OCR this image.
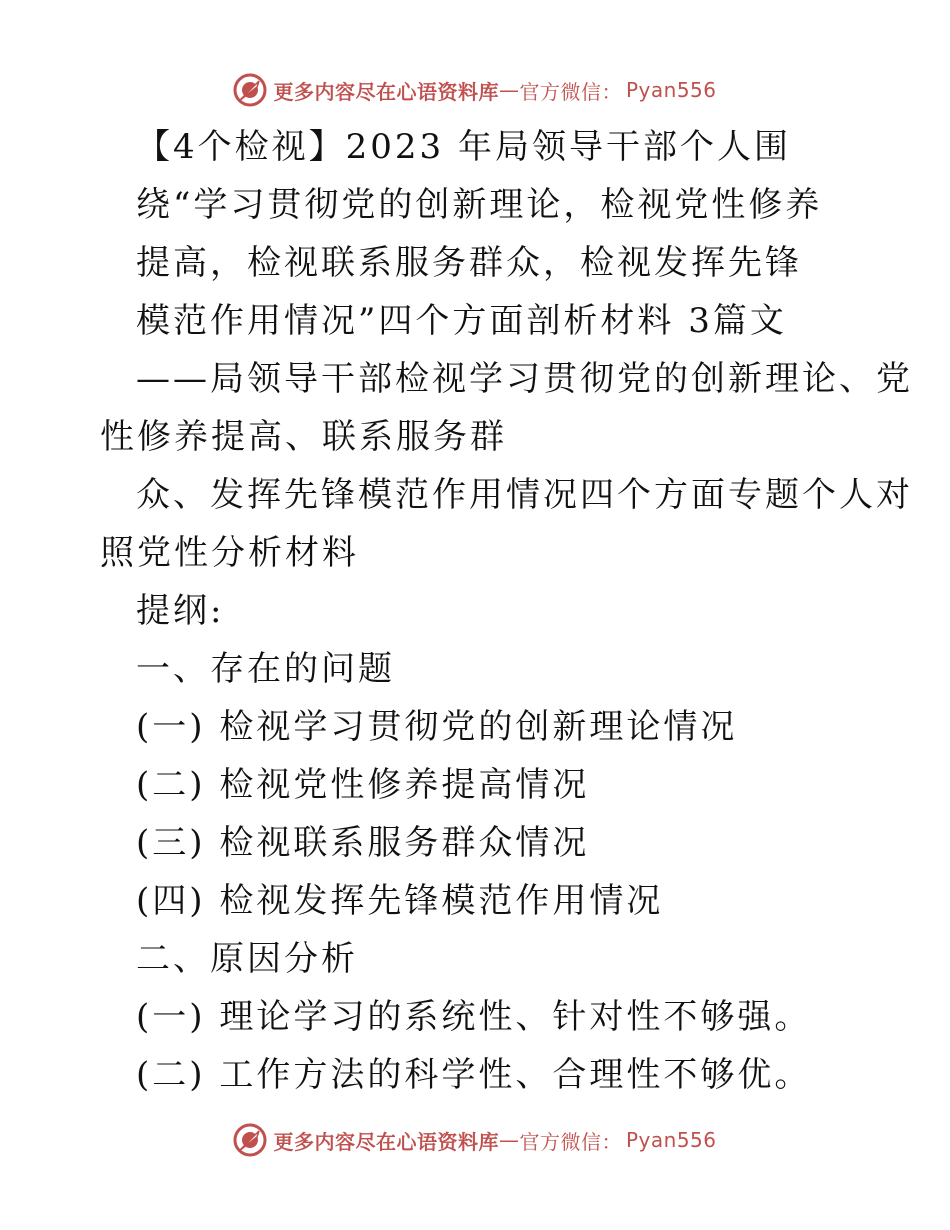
更多内容尽在心语资料库 — 官方微信： Pyan556

【4个检视】2023 年局领导干部个人围

绕“学习贯彻党的创新理论，检视党性修养

提高，检视联系服务群众，检视发挥先锋

模范作用情况”四个方面剖析材料 3篇文

——局领导干部检视学习贯彻党的创新理论、党

性修养提高、联系服务群

众、发挥先锋模范作用情况四个方面专题个人对

照党性分析材料

提纲:

一、存在的问题

(一) 检视学习贯彻党的创新理论情况

(二) 检视党性修养提高情况

(三) 检视联系服务群众情况

(四) 检视发挥先锋模范作用情况

二、原因分析

(一) 理论学习的系统性、针对性不够强。

(二) 工作方法的科学性、合理性不够优。

更多内容尽在心语资料库 — 官方微信： Pyan556
